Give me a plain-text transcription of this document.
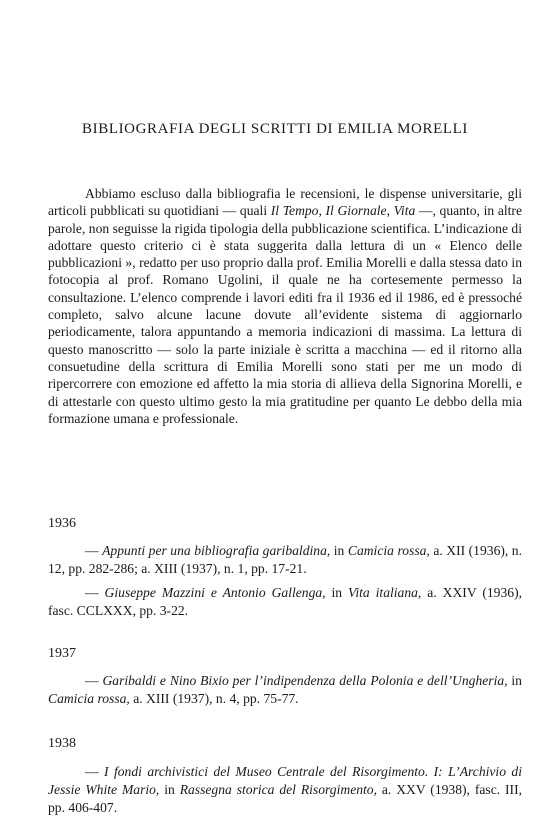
BIBLIOGRAFIA DEGLI SCRITTI DI EMILIA MORELLI

Abbiamo escluso dalla bibliografia le recensioni, le dispense universitarie, gli articoli pubblicati su quotidiani — quali Il Tempo, Il Giornale, Vita —, quanto, in altre parole, non seguisse la rigida tipologia della pubblicazione scientifica. L’indicazione di adottare questo criterio ci è stata suggerita dalla lettura di un « Elenco delle pubblicazioni », redatto per uso proprio dalla prof. Emilia Morelli e dalla stessa dato in fotocopia al prof. Romano Ugolini, il quale ne ha cortesemente permesso la consultazione. L’elenco comprende i lavori editi fra il 1936 ed il 1986, ed è pressoché completo, salvo alcune lacune dovute all’evidente sistema di aggiornarlo periodicamente, talora appuntando a memoria indicazioni di massima. La lettura di questo manoscritto — solo la parte iniziale è scritta a macchina — ed il ritorno alla consuetudine della scrittura di Emilia Morelli sono stati per me un modo di ripercorrere con emozione ed affetto la mia storia di allieva della Signorina Morelli, e di attestarle con questo ultimo gesto la mia gratitudine per quanto Le debbo della mia formazione umana e professionale.

1936

— Appunti per una bibliografia garibaldina, in Camicia rossa, a. XII (1936), n. 12, pp. 282-286; a. XIII (1937), n. 1, pp. 17-21.

— Giuseppe Mazzini e Antonio Gallenga, in Vita italiana, a. XXIV (1936), fasc. CCLXXX, pp. 3-22.

1937

— Garibaldi e Nino Bixio per l’indipendenza della Polonia e dell’Ungheria, in Camicia rossa, a. XIII (1937), n. 4, pp. 75-77.

1938

— I fondi archivistici del Museo Centrale del Risorgimento. I: L’Archivio di Jessie White Mario, in Rassegna storica del Risorgimento, a. XXV (1938), fasc. III, pp. 406-407.
